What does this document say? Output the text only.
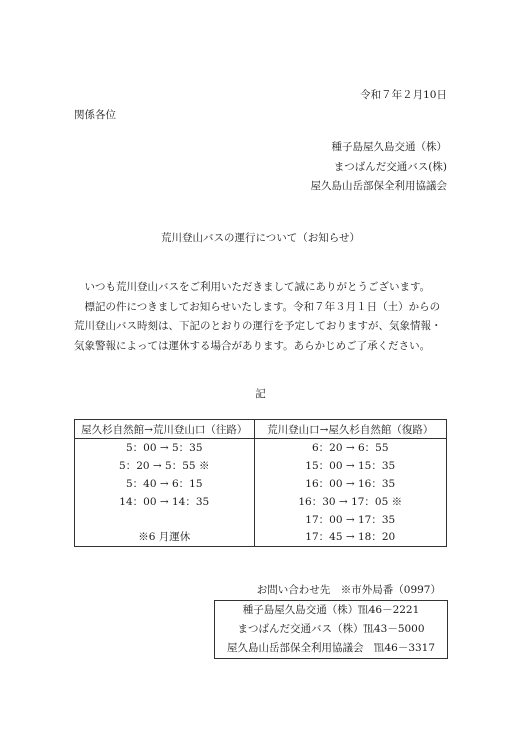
令和７年２月10日
関係各位
種子島屋久島交通（株）
まつばんだ交通バス(株)
屋久島山岳部保全利用協議会
荒川登山バスの運行について（お知らせ）

いつも荒川登山バスをご利用いただきまして誠にありがとうございます。

標記の件につきましてお知らせいたします。令和７年３月１日（土）からの荒川登山バス時刻は、下記のとおりの運行を予定しておりますが、気象情報・気象警報によっては運休する場合があります。あらかじめご了承ください。

記
屋久杉自然館→荒川登山口（往路）	荒川登山口→屋久杉自然館（復路）
5：00 → 5：35	6：20 → 6：55
5：20 → 5：55 ※	15：00 → 15：35
5：40 → 6：15	16：00 → 16：35
14：00 → 14：35	16：30 → 17：05 ※
	17：00 → 17：35
※6 月運休	17：45 → 18：20
お問い合わせ先　※市外局番（0997）
種子島屋久島交通（株）℡46－2221
まつばんだ交通バス（株）℡43－5000
屋久島山岳部保全利用協議会　℡46－3317
